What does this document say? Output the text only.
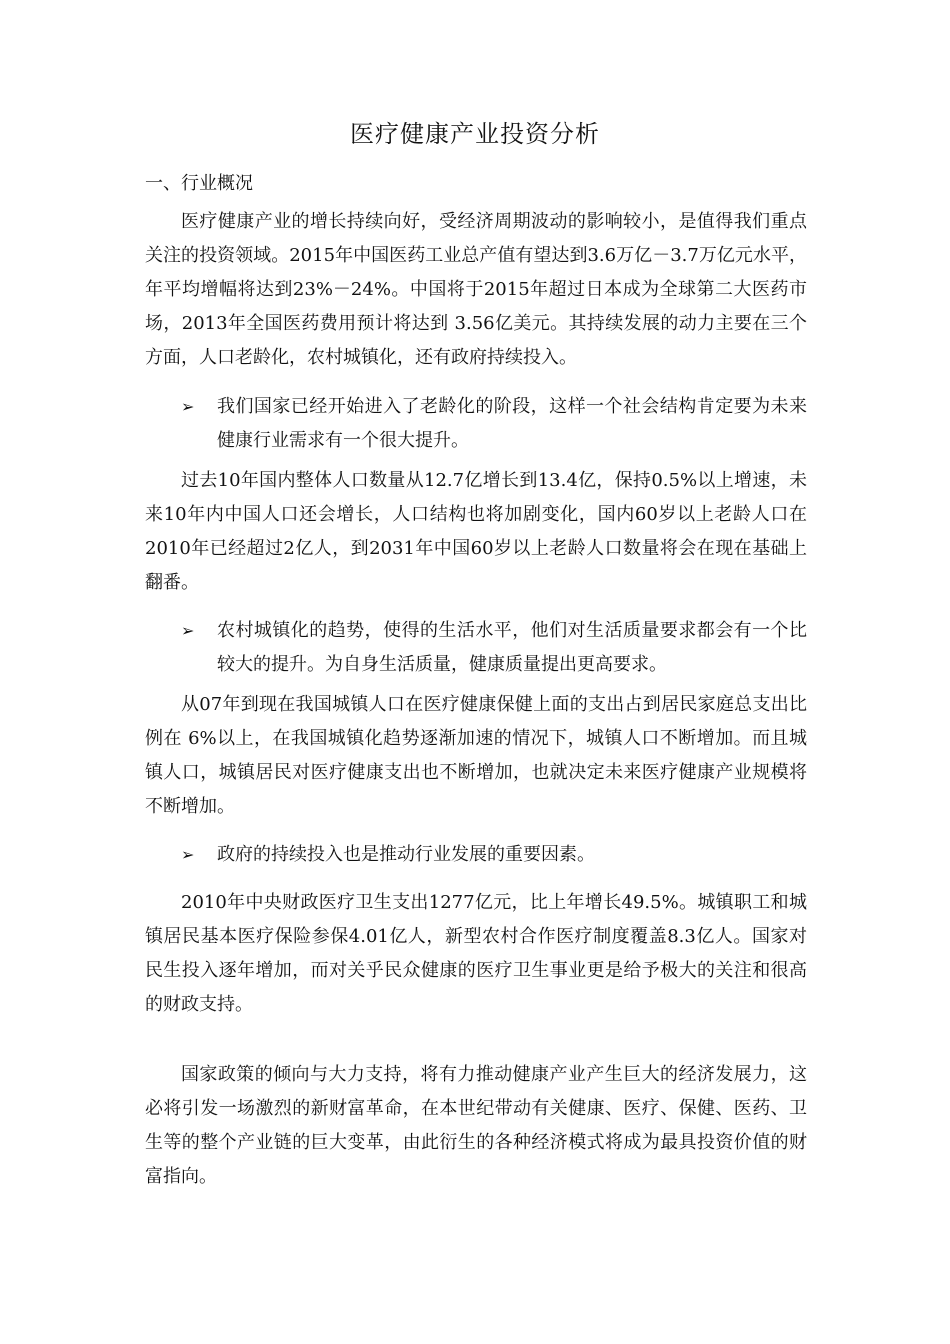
医疗健康产业投资分析
一、行业概况

医疗健康产业的增长持续向好，受经济周期波动的影响较小，是值得我们重点关注的投资领域。2015年中国医药工业总产值有望达到3.6万亿－3.7万亿元水平，年平均增幅将达到23%－24%。中国将于2015年超过日本成为全球第二大医药市场，2013年全国医药费用预计将达到 3.56亿美元。其持续发展的动力主要在三个方面，人口老龄化，农村城镇化，还有政府持续投入。

➢ 我们国家已经开始进入了老龄化的阶段，这样一个社会结构肯定要为未来健康行业需求有一个很大提升。

过去10年国内整体人口数量从12.7亿增长到13.4亿，保持0.5%以上增速，未来10年内中国人口还会增长，人口结构也将加剧变化，国内60岁以上老龄人口在2010年已经超过2亿人，到2031年中国60岁以上老龄人口数量将会在现在基础上翻番。

➢ 农村城镇化的趋势，使得的生活水平，他们对生活质量要求都会有一个比较大的提升。为自身生活质量，健康质量提出更高要求。

从07年到现在我国城镇人口在医疗健康保健上面的支出占到居民家庭总支出比例在 6%以上，在我国城镇化趋势逐渐加速的情况下，城镇人口不断增加。而且城镇人口，城镇居民对医疗健康支出也不断增加，也就决定未来医疗健康产业规模将不断增加。

➢ 政府的持续投入也是推动行业发展的重要因素。

2010年中央财政医疗卫生支出1277亿元，比上年增长49.5%。城镇职工和城镇居民基本医疗保险参保4.01亿人，新型农村合作医疗制度覆盖8.3亿人。国家对民生投入逐年增加，而对关乎民众健康的医疗卫生事业更是给予极大的关注和很高的财政支持。

国家政策的倾向与大力支持，将有力推动健康产业产生巨大的经济发展力，这必将引发一场激烈的新财富革命，在本世纪带动有关健康、医疗、保健、医药、卫生等的整个产业链的巨大变革，由此衍生的各种经济模式将成为最具投资价值的财富指向。
